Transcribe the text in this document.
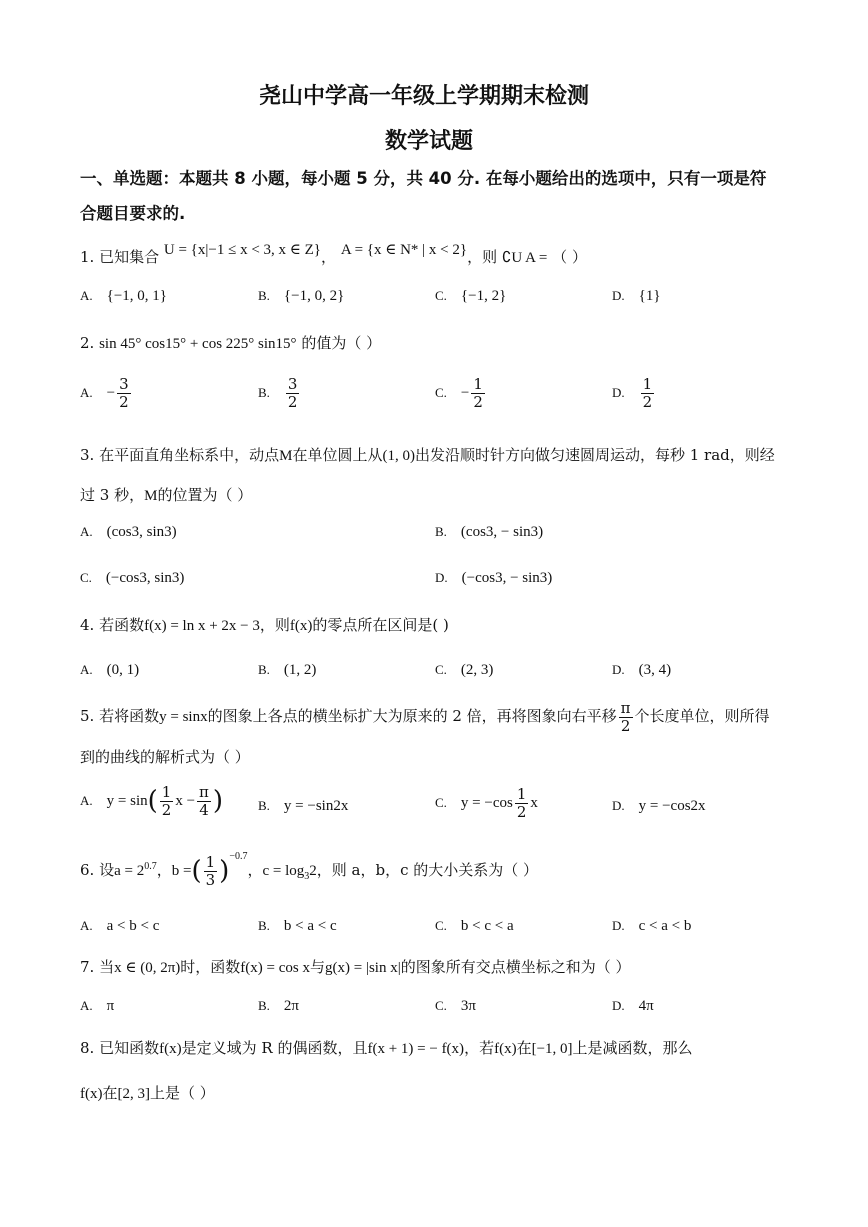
尧山中学高一年级上学期期末检测
数学试题
一、单选题：本题共 8 小题，每小题 5 分，共 40 分. 在每小题给出的选项中，只有一项是符
合题目要求的.
1. 已知集合 U = {x|−1 ≤ x < 3, x ∈ Z}， A = {x ∈ N* | x < 2}，则 ∁U A = （ ）
A. {−1, 0, 1}	B. {−1, 0, 2}	C. {−1, 2}	D. {1}
2. sin 45° cos15° + cos 225° sin15° 的值为（ ）
A. − $\frac{3}{2}$	B. $\frac{3}{2}$	C. − $\frac{1}{2}$	D. $\frac{1}{2}$
3. 在平面直角坐标系中，动点M在单位圆上从(1, 0)出发沿顺时针方向做匀速圆周运动，每秒 1 rad，则经
过 3 秒，M的位置为（ ）
A. (cos3, sin3)	B. (cos3, − sin3)
C. (−cos3, sin3)	D. (−cos3, − sin3)
4. 若函数f(x) = ln x + 2x − 3，则f(x)的零点所在区间是( )
A. (0, 1)	B. (1, 2)	C. (2, 3)	D. (3, 4)
5. 若将函数y = sinx的图象上各点的横坐标扩大为原来的 2 倍，再将图象向右平移 $\frac{\pi}{2}$ 个长度单位，则所得
到的曲线的解析式为（ ）
A. $y = \sin( \frac{1}{2}$ $x - \frac{\pi}{4}$ )	B. y = −sin2x	C. $y = -\cos \frac{1}{2}$ x	D. y = −cos2x
6. 设$a = 2^{0.7}$，b =( $\frac{1}{3} )^{-0.7}$，$c = \log_32$，则 a，b，c 的大小关系为（ ）
A. a < b < c	B. b < a < c	C. b < c < a	D. c < a < b
7. 当x ∈ (0, 2π)时，函数f(x) = cos x与g(x) = |sin x|的图象所有交点横坐标之和为（ ）
A. π	B. 2π	C. 3π	D. 4π
8. 已知函数f(x)是定义域为 R 的偶函数，且f(x + 1) = − f(x)，若f(x)在[−1, 0]上是减函数，那么
f(x)在[2, 3]上是（ ）
